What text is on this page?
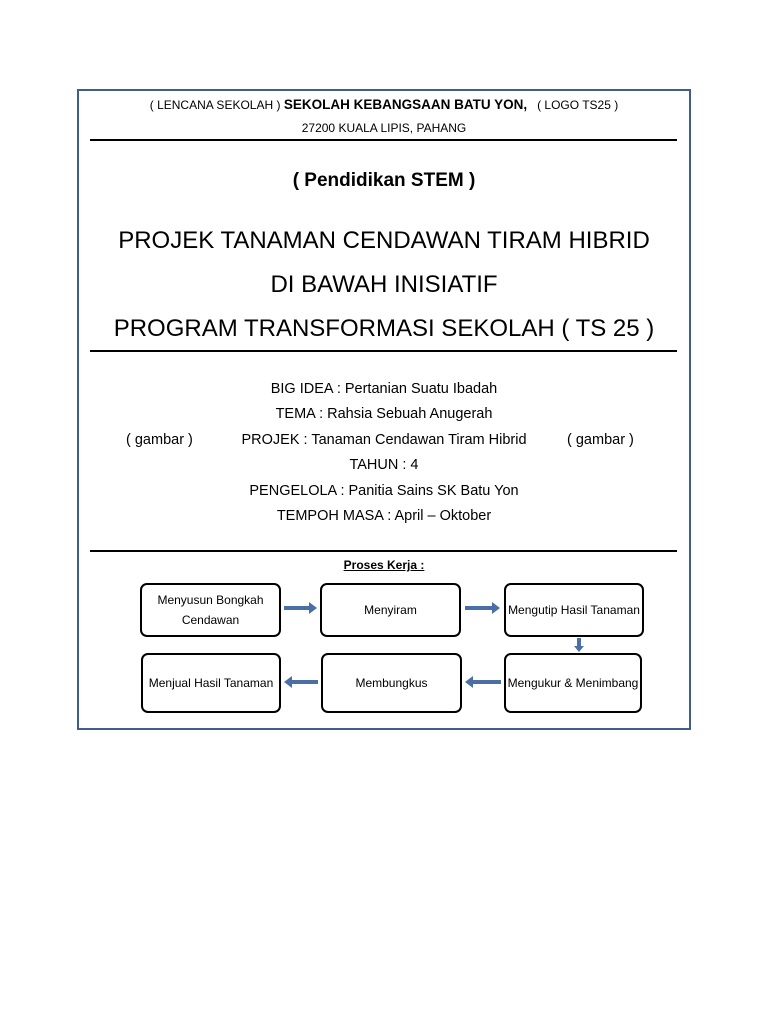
( LENCANA SEKOLAH ) SEKOLAH KEBANGSAAN BATU YON, ( LOGO TS25 )
27200 KUALA LIPIS, PAHANG
( Pendidikan STEM )
PROJEK TANAMAN CENDAWAN TIRAM HIBRID
DI BAWAH INISIATIF
PROGRAM TRANSFORMASI SEKOLAH ( TS 25 )
BIG IDEA : Pertanian Suatu Ibadah
TEMA : Rahsia Sebuah Anugerah
PROJEK : Tanaman Cendawan Tiram Hibrid
( gambar )	( gambar )
TAHUN : 4
PENGELOLA : Panitia Sains SK Batu Yon
TEMPOH MASA : April – Oktober
Proses Kerja :
Menyusun Bongkah Cendawan
Menyiram	Mengutip Hasil Tanaman
Mengukur & Menimbang
Membungkus
Menjual Hasil Tanaman
